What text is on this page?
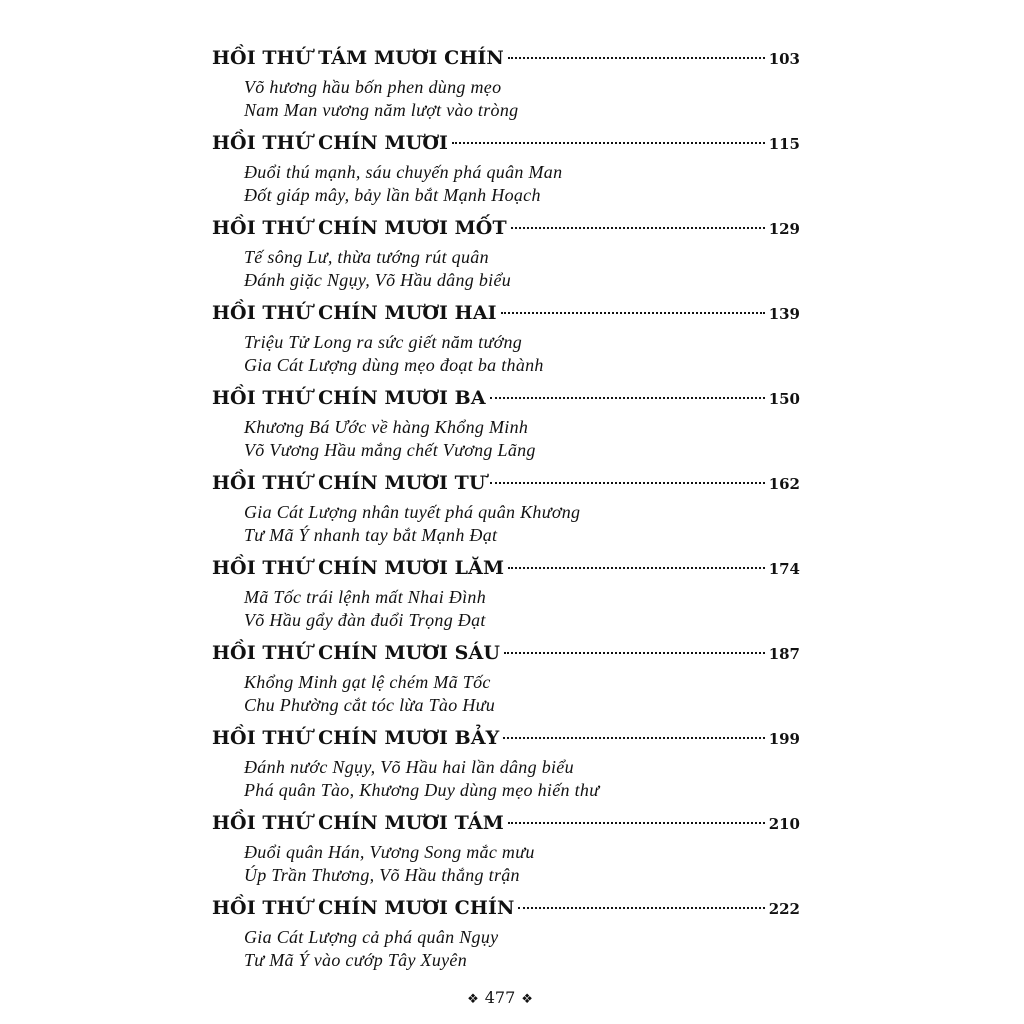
HỒI THỨ TÁM MƯƠI CHÍN	103
Võ hương hầu bốn phen dùng mẹo
Nam Man vương năm lượt vào tròng
HỒI THỨ CHÍN MƯƠI	115
Đuổi thú mạnh, sáu chuyến phá quân Man
Đốt giáp mây, bảy lần bắt Mạnh Hoạch
HỒI THỨ CHÍN MƯƠI MỐT	129
Tế sông Lư, thừa tướng rút quân
Đánh giặc Ngụy, Võ Hầu dâng biểu
HỒI THỨ CHÍN MƯƠI HAI	139
Triệu Tử Long ra sức giết năm tướng
Gia Cát Lượng dùng mẹo đoạt ba thành
HỒI THỨ CHÍN MƯƠI BA	150
Khương Bá Ước về hàng Khổng Minh
Võ Vương Hầu mắng chết Vương Lãng
HỒI THỨ CHÍN MƯƠI TƯ	162
Gia Cát Lượng nhân tuyết phá quân Khương
Tư Mã Ý nhanh tay bắt Mạnh Đạt
HỒI THỨ CHÍN MƯƠI LĂM	174
Mã Tốc trái lệnh mất Nhai Đình
Võ Hầu gẩy đàn đuổi Trọng Đạt
HỒI THỨ CHÍN MƯƠI SÁU	187
Khổng Minh gạt lệ chém Mã Tốc
Chu Phường cắt tóc lừa Tào Hưu
HỒI THỨ CHÍN MƯƠI BẢY	199
Đánh nước Ngụy, Võ Hầu hai lần dâng biểu
Phá quân Tào, Khương Duy dùng mẹo hiến thư
HỒI THỨ CHÍN MƯƠI TÁM	210
Đuổi quân Hán, Vương Song mắc mưu
Úp Trần Thương, Võ Hầu thắng trận
HỒI THỨ CHÍN MƯƠI CHÍN	222
Gia Cát Lượng cả phá quân Ngụy
Tư Mã Ý vào cướp Tây Xuyên
❖ 477 ❖
